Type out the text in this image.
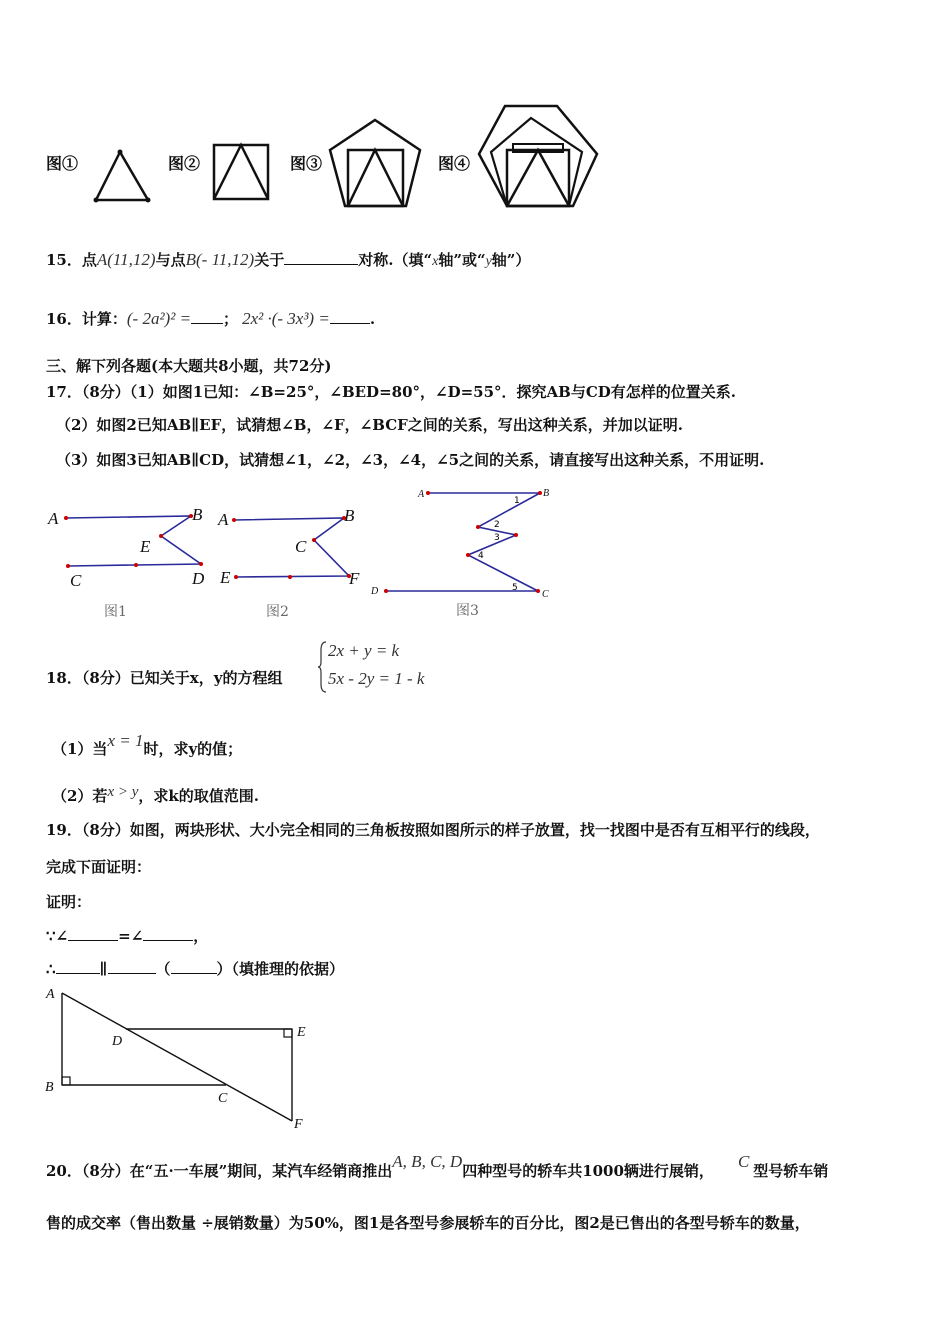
图①	图②	图③	图④
15．点A(11,12)与点B(- 11,12)关于	对称.（填“x轴”或“y轴”）
16．计算：(- 2a²)² = ； 2x² ·(- 3x³) =	.
三、解下列各题(本大题共8小题，共72分)
17．（8分）（1）如图1已知：∠B=25°，∠BED=80°，∠D=55°．探究AB与CD有怎样的位置关系.
（2）如图2已知AB∥EF，试猜想∠B，∠F，∠BCF之间的关系，写出这种关系，并加以证明.
（3）如图3已知AB∥CD，试猜想∠1，∠2，∠3，∠4，∠5之间的关系，请直接写出这种关系，不用证明.
A	B
E
C	D
图1
A	B
C
E	F
图2
A	B
C
D
1
2
3
4
5
图3
18．（8分）已知关于x，y的方程组
2x + y = k
5x - 2y = 1 - k
（1）当x = 1时，求y的值；
（2）若x > y，求k的取值范围.
19．（8分）如图，两块形状、大小完全相同的三角板按照如图所示的样子放置，找一找图中是否有互相平行的线段，
完成下面证明：
证明：
∵∠	=∠	，
∴	∥	（	）（填推理的依据）
A
B
C
D
E
F
20．（8分）在“五·一车展”期间，某汽车经销商推出A, B, C, D四种型号的轿车共1000辆进行展销， C 型号轿车销
售的成交率（售出数量 ÷展销数量）为50%，图1是各型号参展轿车的百分比，图2是已售出的各型号轿车的数量，
